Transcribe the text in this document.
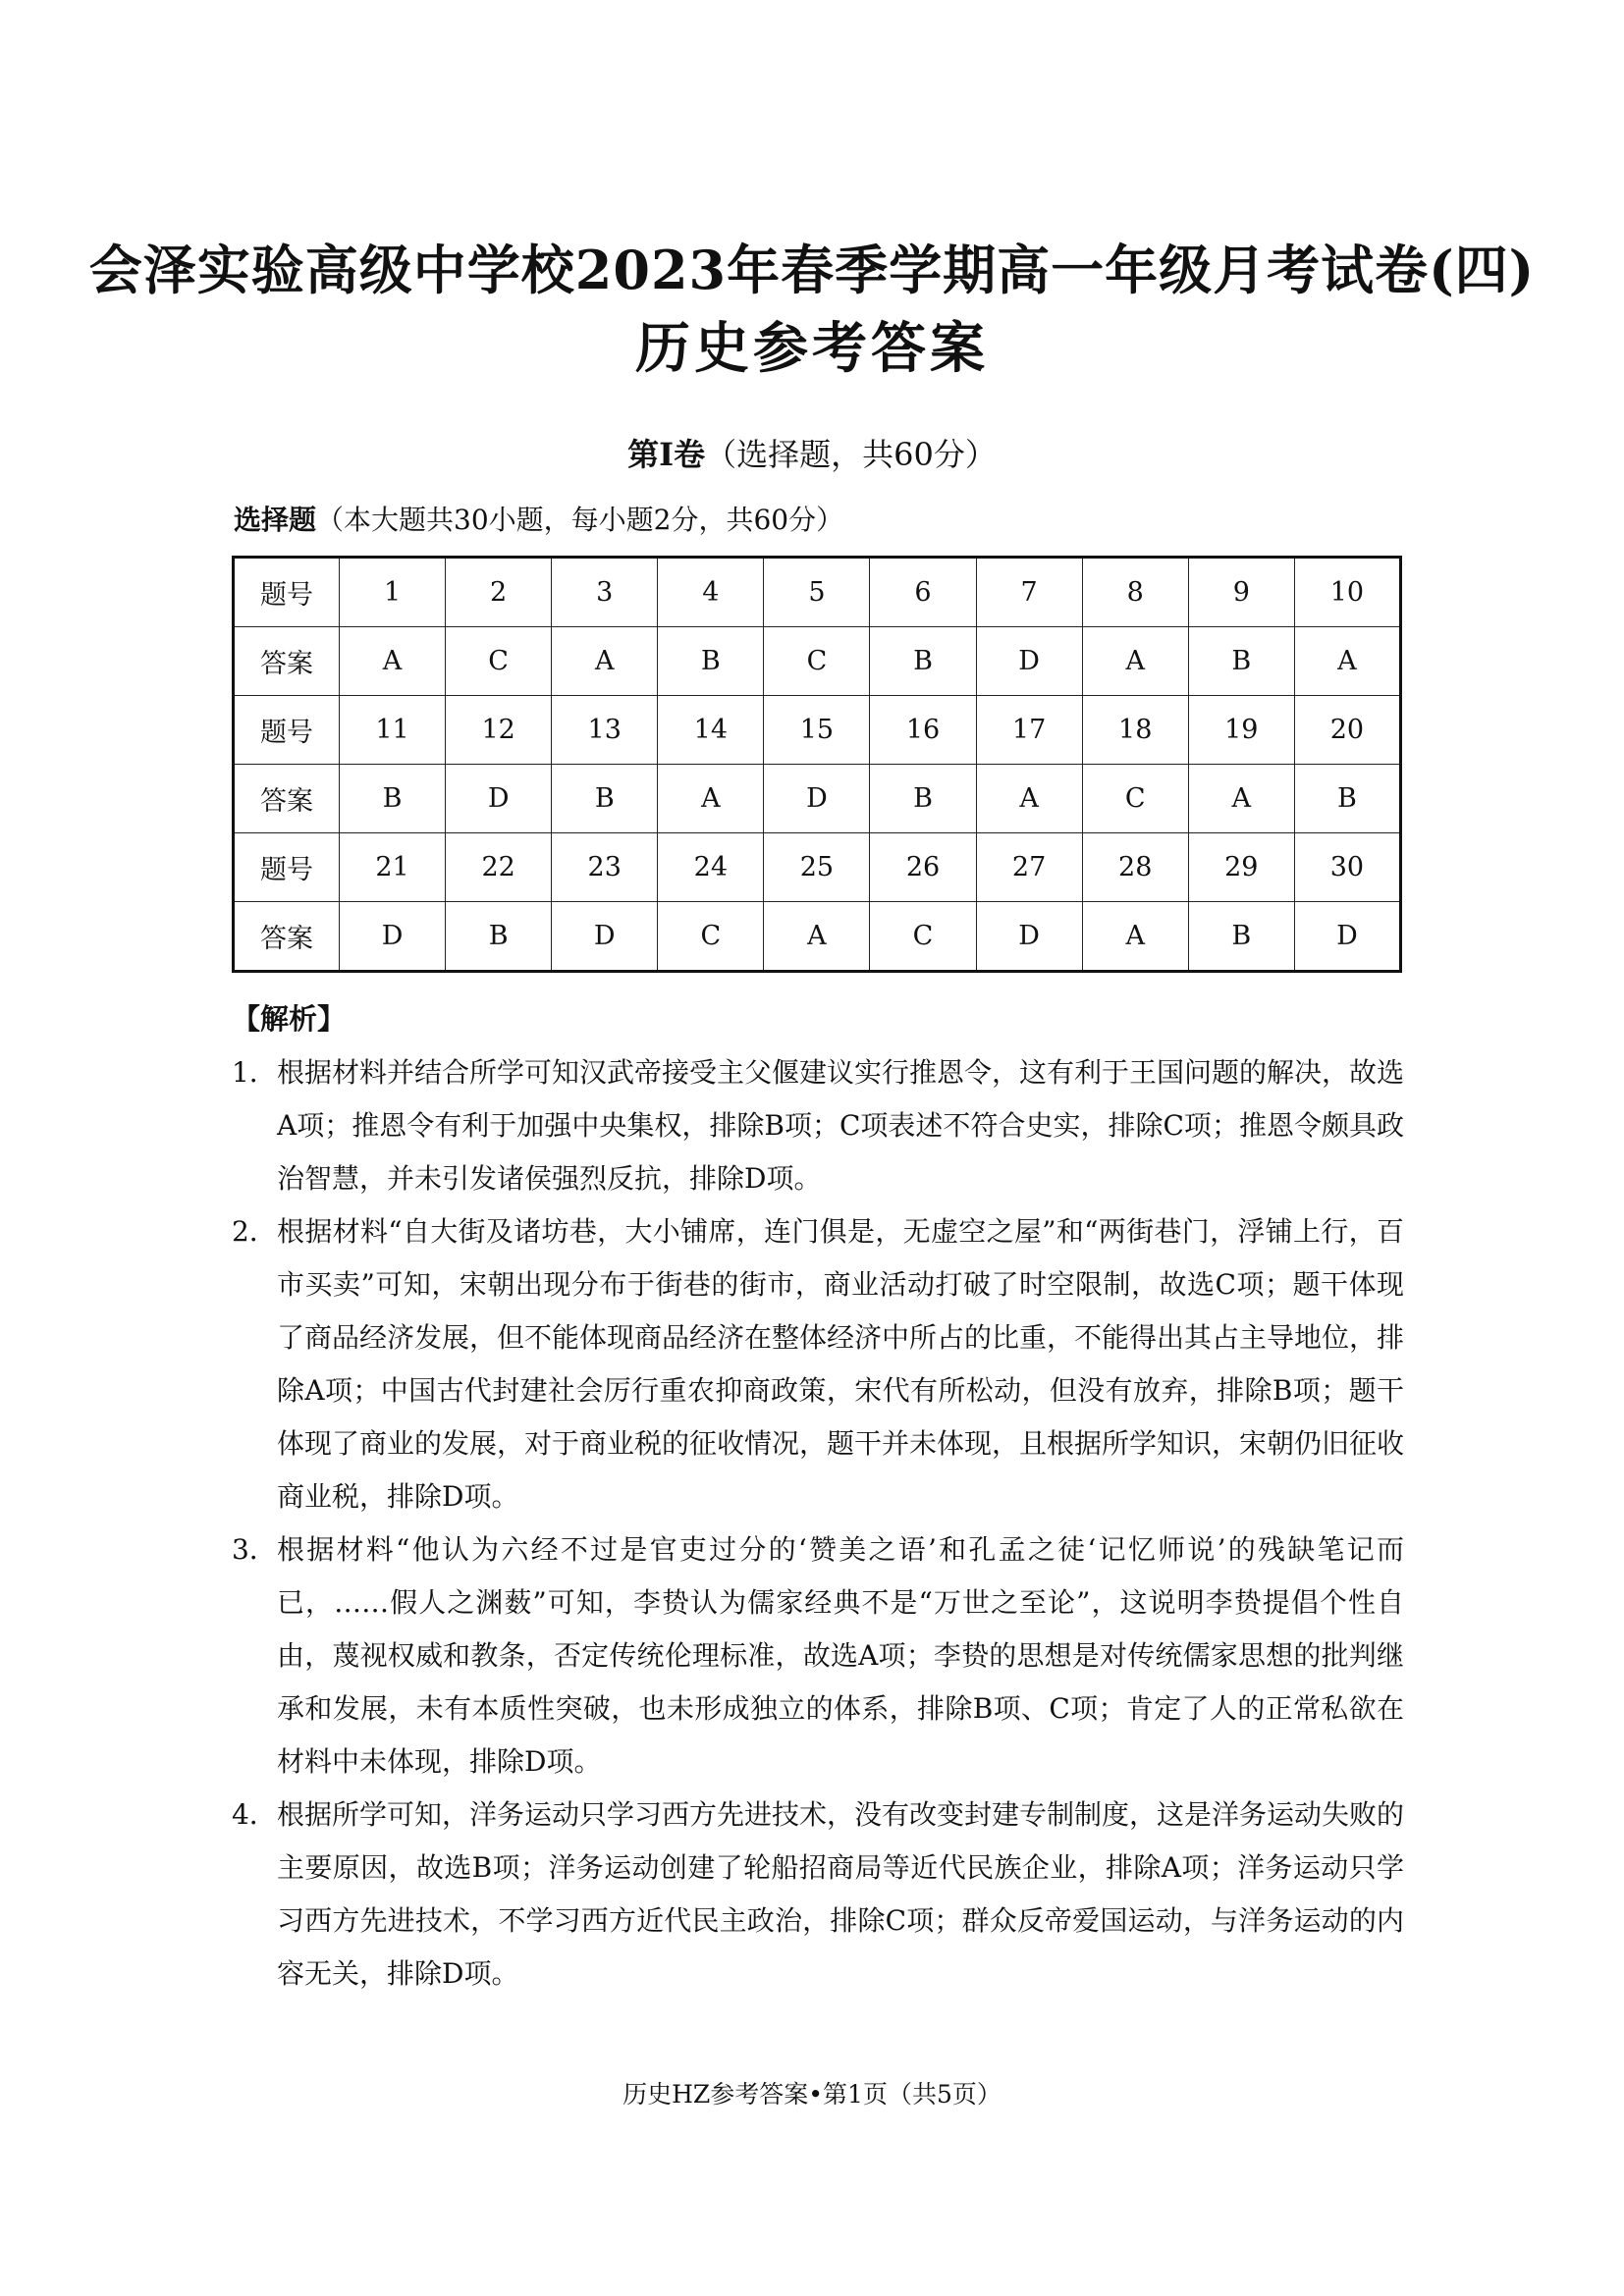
会泽实验高级中学校2023年春季学期高一年级月考试卷(四)
历史参考答案
第Ⅰ卷（选择题，共60分）
选择题（本大题共30小题，每小题2分，共60分）
题号	1	2	3	4	5	6	7	8	9	10
答案	A	C	A	B	C	B	D	A	B	A
题号	11	12	13	14	15	16	17	18	19	20
答案	B	D	B	A	D	B	A	C	A	B
题号	21	22	23	24	25	26	27	28	29	30
答案	D	B	D	C	A	C	D	A	B	D
【解析】
1． 根据材料并结合所学可知汉武帝接受主父偃建议实行推恩令，这有利于王国问题的解决，故选A项；推恩令有利于加强中央集权，排除B项；C项表述不符合史实，排除C项；推恩令颇具政治智慧，并未引发诸侯强烈反抗，排除D项。
2． 根据材料“自大街及诸坊巷，大小铺席，连门俱是，无虚空之屋”和“两街巷门，浮铺上行，百市买卖”可知，宋朝出现分布于街巷的街市，商业活动打破了时空限制，故选C项；题干体现了商品经济发展，但不能体现商品经济在整体经济中所占的比重，不能得出其占主导地位，排除A项；中国古代封建社会厉行重农抑商政策，宋代有所松动，但没有放弃，排除B项；题干体现了商业的发展，对于商业税的征收情况，题干并未体现，且根据所学知识，宋朝仍旧征收商业税，排除D项。
3． 根据材料“他认为六经不过是官吏过分的‘赞美之语’和孔孟之徒‘记忆师说’的残缺笔记而已，……假人之渊薮”可知，李贽认为儒家经典不是“万世之至论”，这说明李贽提倡个性自由，蔑视权威和教条，否定传统伦理标准，故选A项；李贽的思想是对传统儒家思想的批判继承和发展，未有本质性突破，也未形成独立的体系，排除B项、C项；肯定了人的正常私欲在材料中未体现，排除D项。
4． 根据所学可知，洋务运动只学习西方先进技术，没有改变封建专制制度，这是洋务运动失败的主要原因，故选B项；洋务运动创建了轮船招商局等近代民族企业，排除A项；洋务运动只学习西方先进技术，不学习西方近代民主政治，排除C项；群众反帝爱国运动，与洋务运动的内容无关，排除D项。
历史HZ参考答案•第1页（共5页）
